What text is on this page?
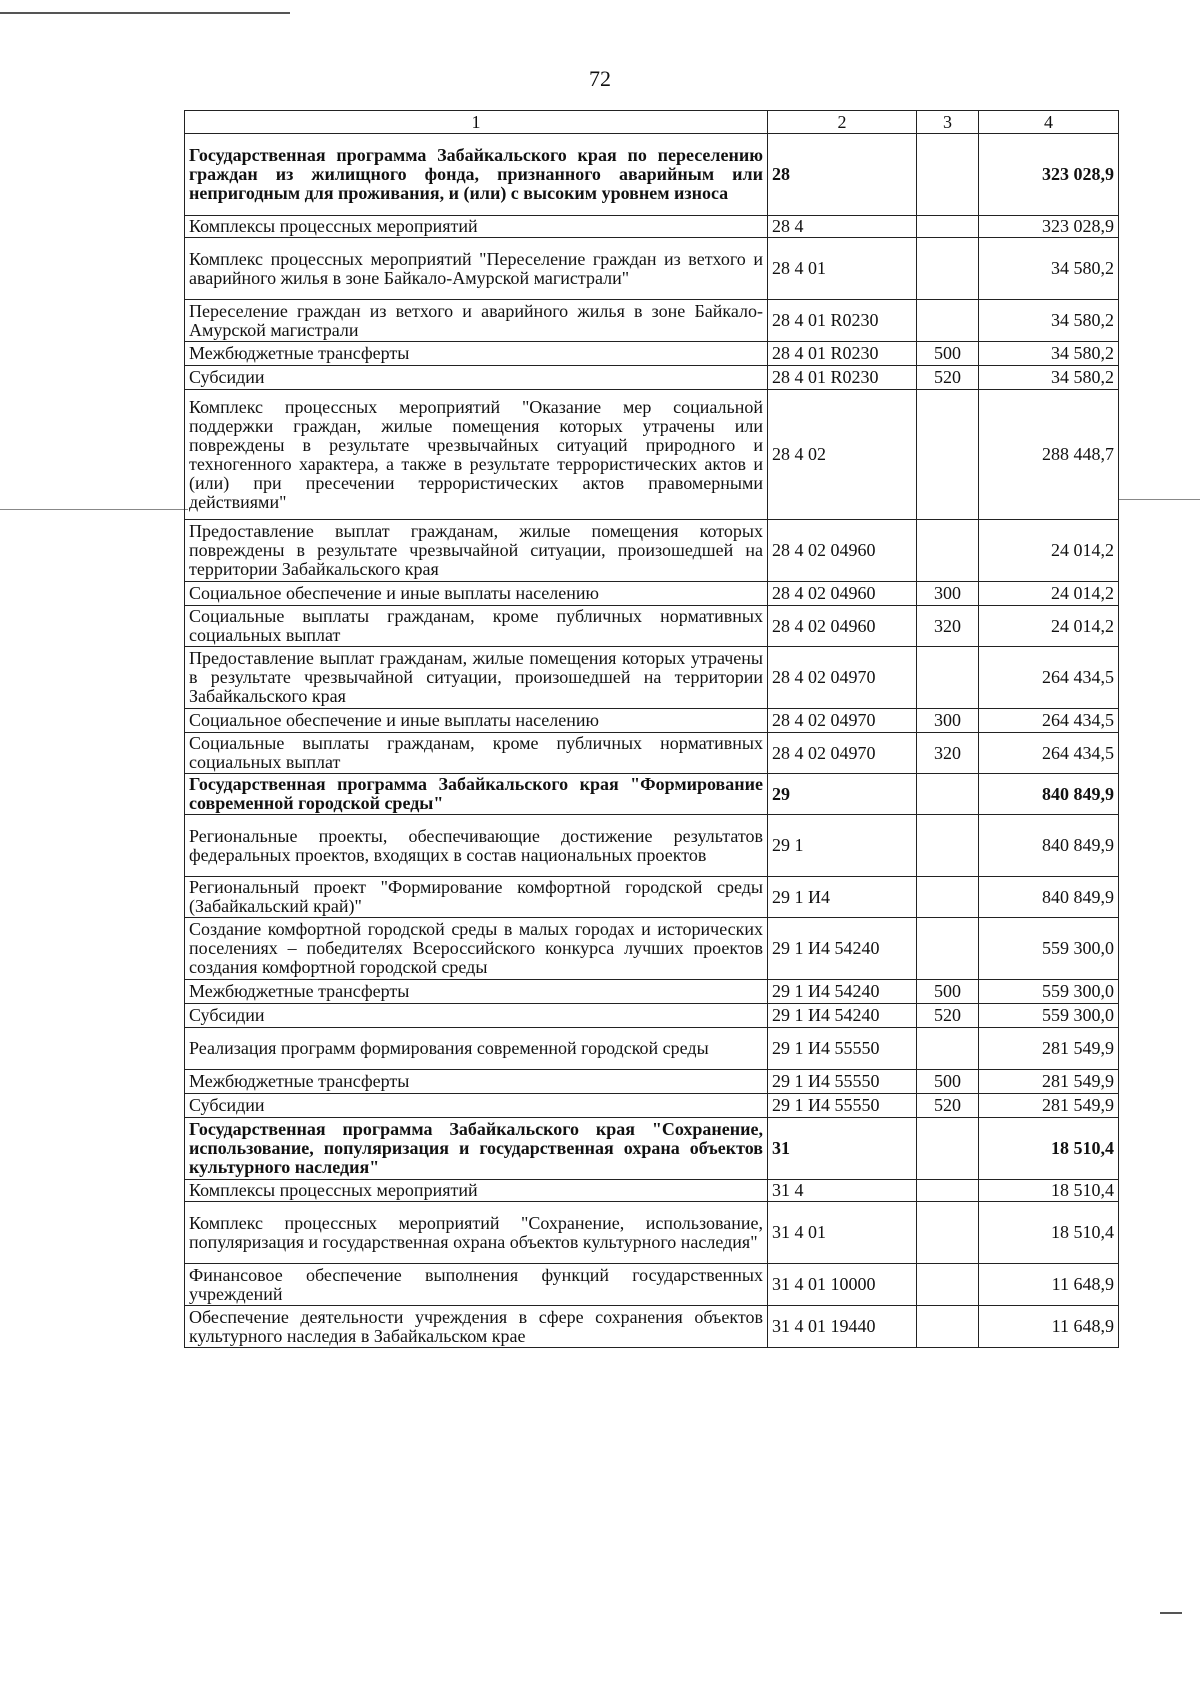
72
1	2	3	4
Государственная программа Забайкальского края по переселению граждан из жилищного фонда, признанного аварийным или непригодным для проживания, и (или) с высоким уровнем износа	28		323 028,9
Комплексы процессных мероприятий	28 4		323 028,9
Комплекс процессных мероприятий "Переселение граждан из ветхого и аварийного жилья в зоне Байкало-Амурской магистрали"	28 4 01		34 580,2
Переселение граждан из ветхого и аварийного жилья в зоне Байкало-Амурской магистрали	28 4 01 R0230		34 580,2
Межбюджетные трансферты	28 4 01 R0230	500	34 580,2
Субсидии	28 4 01 R0230	520	34 580,2
Комплекс процессных мероприятий "Оказание мер социальной поддержки граждан, жилые помещения которых утрачены или повреждены в результате чрезвычайных ситуаций природного и техногенного характера, а также в результате террористических актов и (или) при пресечении террористических актов правомерными действиями"	28 4 02		288 448,7
Предоставление выплат гражданам, жилые помещения которых повреждены в результате чрезвычайной ситуации, произошедшей на территории Забайкальского края	28 4 02 04960		24 014,2
Социальное обеспечение и иные выплаты населению	28 4 02 04960	300	24 014,2
Социальные выплаты гражданам, кроме публичных нормативных социальных выплат	28 4 02 04960	320	24 014,2
Предоставление выплат гражданам, жилые помещения которых утрачены в результате чрезвычайной ситуации, произошедшей на территории Забайкальского края	28 4 02 04970		264 434,5
Социальное обеспечение и иные выплаты населению	28 4 02 04970	300	264 434,5
Социальные выплаты гражданам, кроме публичных нормативных социальных выплат	28 4 02 04970	320	264 434,5
Государственная программа Забайкальского края "Формирование современной городской среды"	29		840 849,9
Региональные проекты, обеспечивающие достижение результатов федеральных проектов, входящих в состав национальных проектов	29 1		840 849,9
Региональный проект "Формирование комфортной городской среды (Забайкальский край)"	29 1 И4		840 849,9
Создание комфортной городской среды в малых городах и исторических поселениях – победителях Всероссийского конкурса лучших проектов создания комфортной городской среды	29 1 И4 54240		559 300,0
Межбюджетные трансферты	29 1 И4 54240	500	559 300,0
Субсидии	29 1 И4 54240	520	559 300,0
Реализация программ формирования современной городской среды	29 1 И4 55550		281 549,9
Межбюджетные трансферты	29 1 И4 55550	500	281 549,9
Субсидии	29 1 И4 55550	520	281 549,9
Государственная программа Забайкальского края "Сохранение, использование, популяризация и государственная охрана объектов культурного наследия"	31		18 510,4
Комплексы процессных мероприятий	31 4		18 510,4
Комплекс процессных мероприятий "Сохранение, использование, популяризация и государственная охрана объектов культурного наследия"	31 4 01		18 510,4
Финансовое обеспечение выполнения функций государственных учреждений	31 4 01 10000		11 648,9
Обеспечение деятельности учреждения в сфере сохранения объектов культурного наследия в Забайкальском крае	31 4 01 19440		11 648,9
